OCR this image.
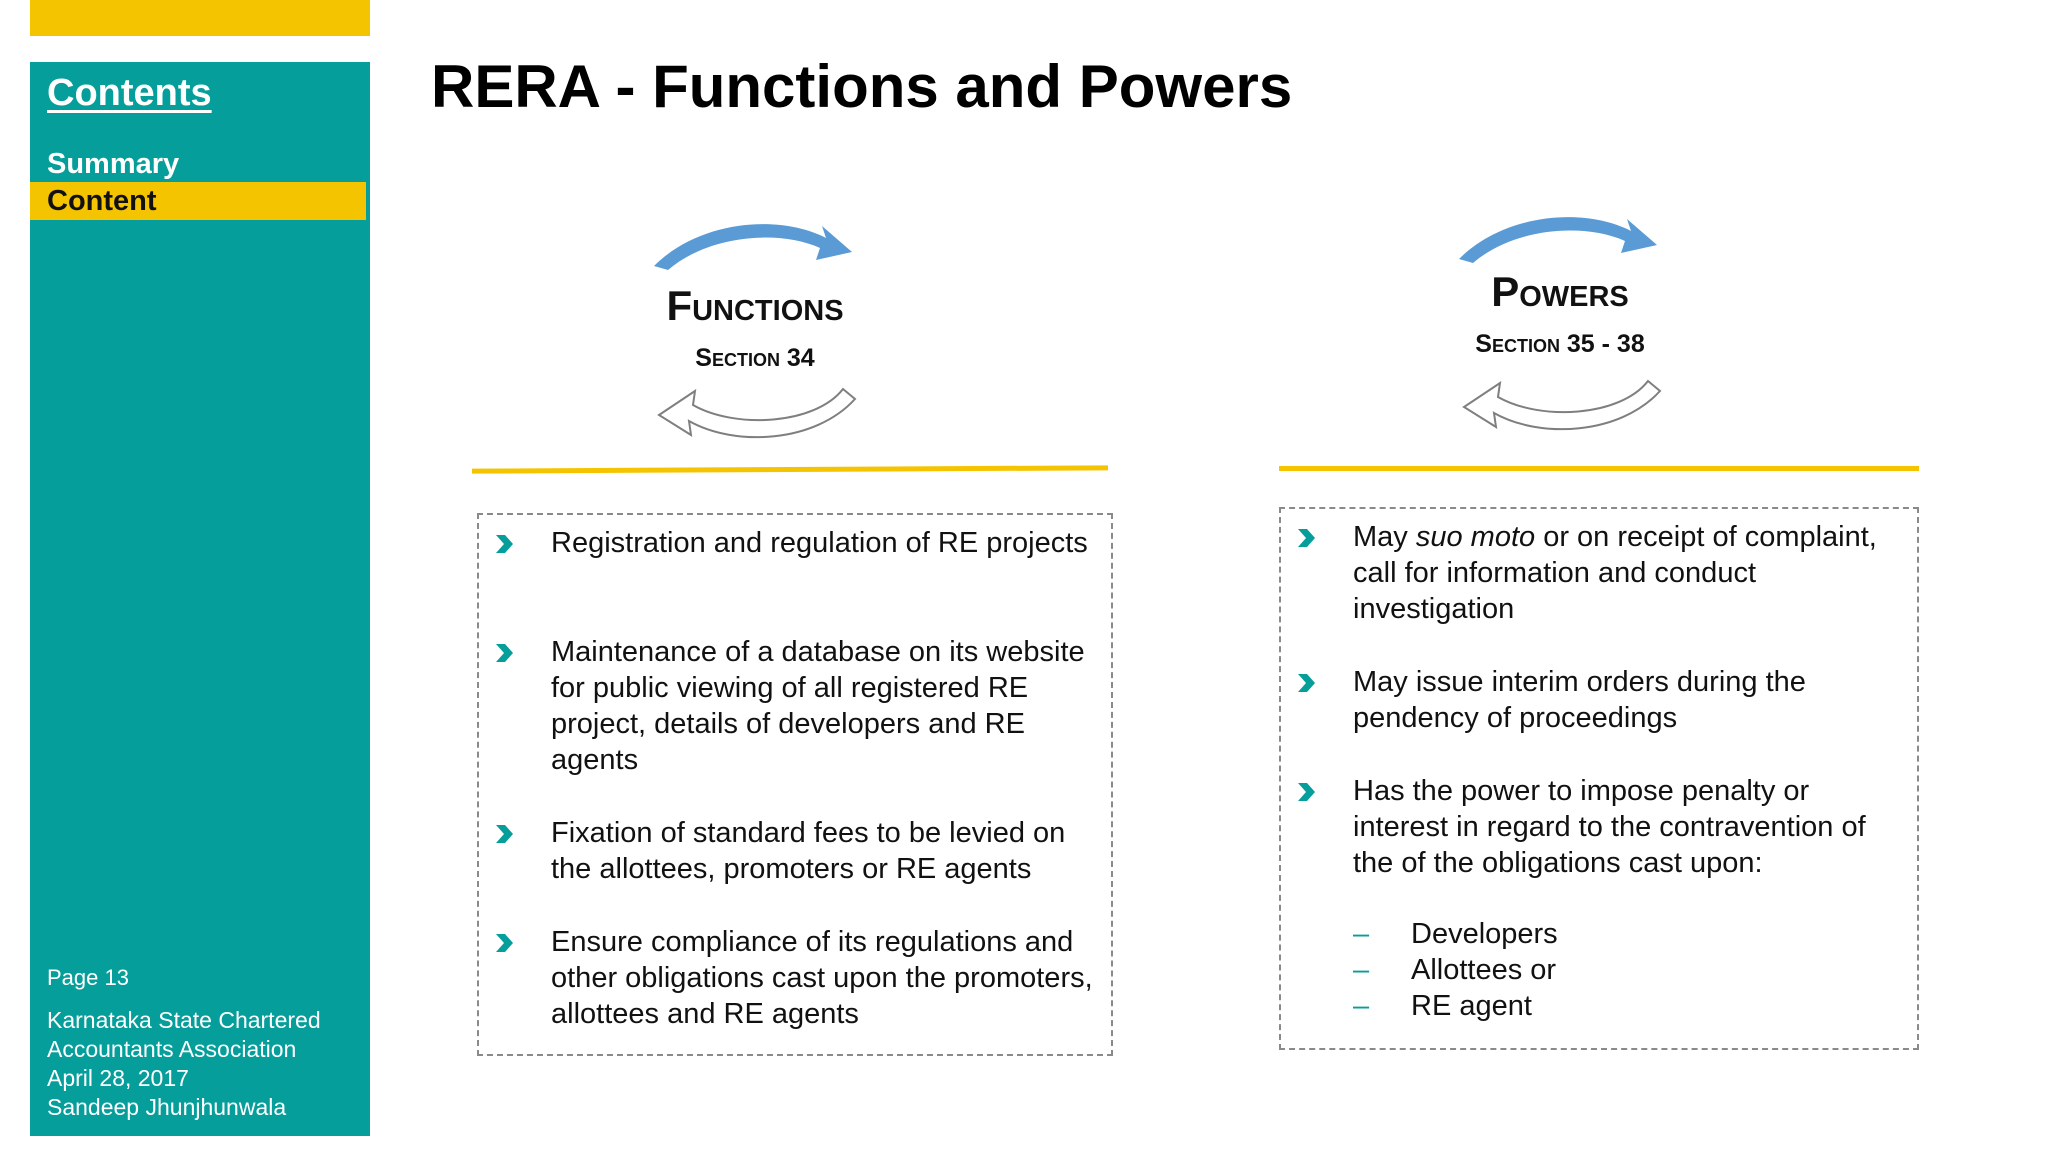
Contents
Summary
Content
Page 13
Karnataka State Chartered
Accountants Association
April 28, 2017
Sandeep Jhunjhunwala
RERA - Functions and Powers
Functions
Section 34
Registration and regulation of RE projects
Maintenance of a database on its website for public viewing of all registered RE project, details of developers and RE agents
Fixation of standard fees to be levied on the allottees, promoters or RE agents
Ensure compliance of its regulations and other obligations cast upon the promoters, allottees and RE agents
Powers
Section 35 - 38
May suo moto or on receipt of complaint, call for information and conduct investigation
May issue interim orders during the pendency of proceedings
Has the power to impose penalty or interest in regard to the contravention of the of the obligations cast upon:
– Developers
– Allottees or
– RE agent
